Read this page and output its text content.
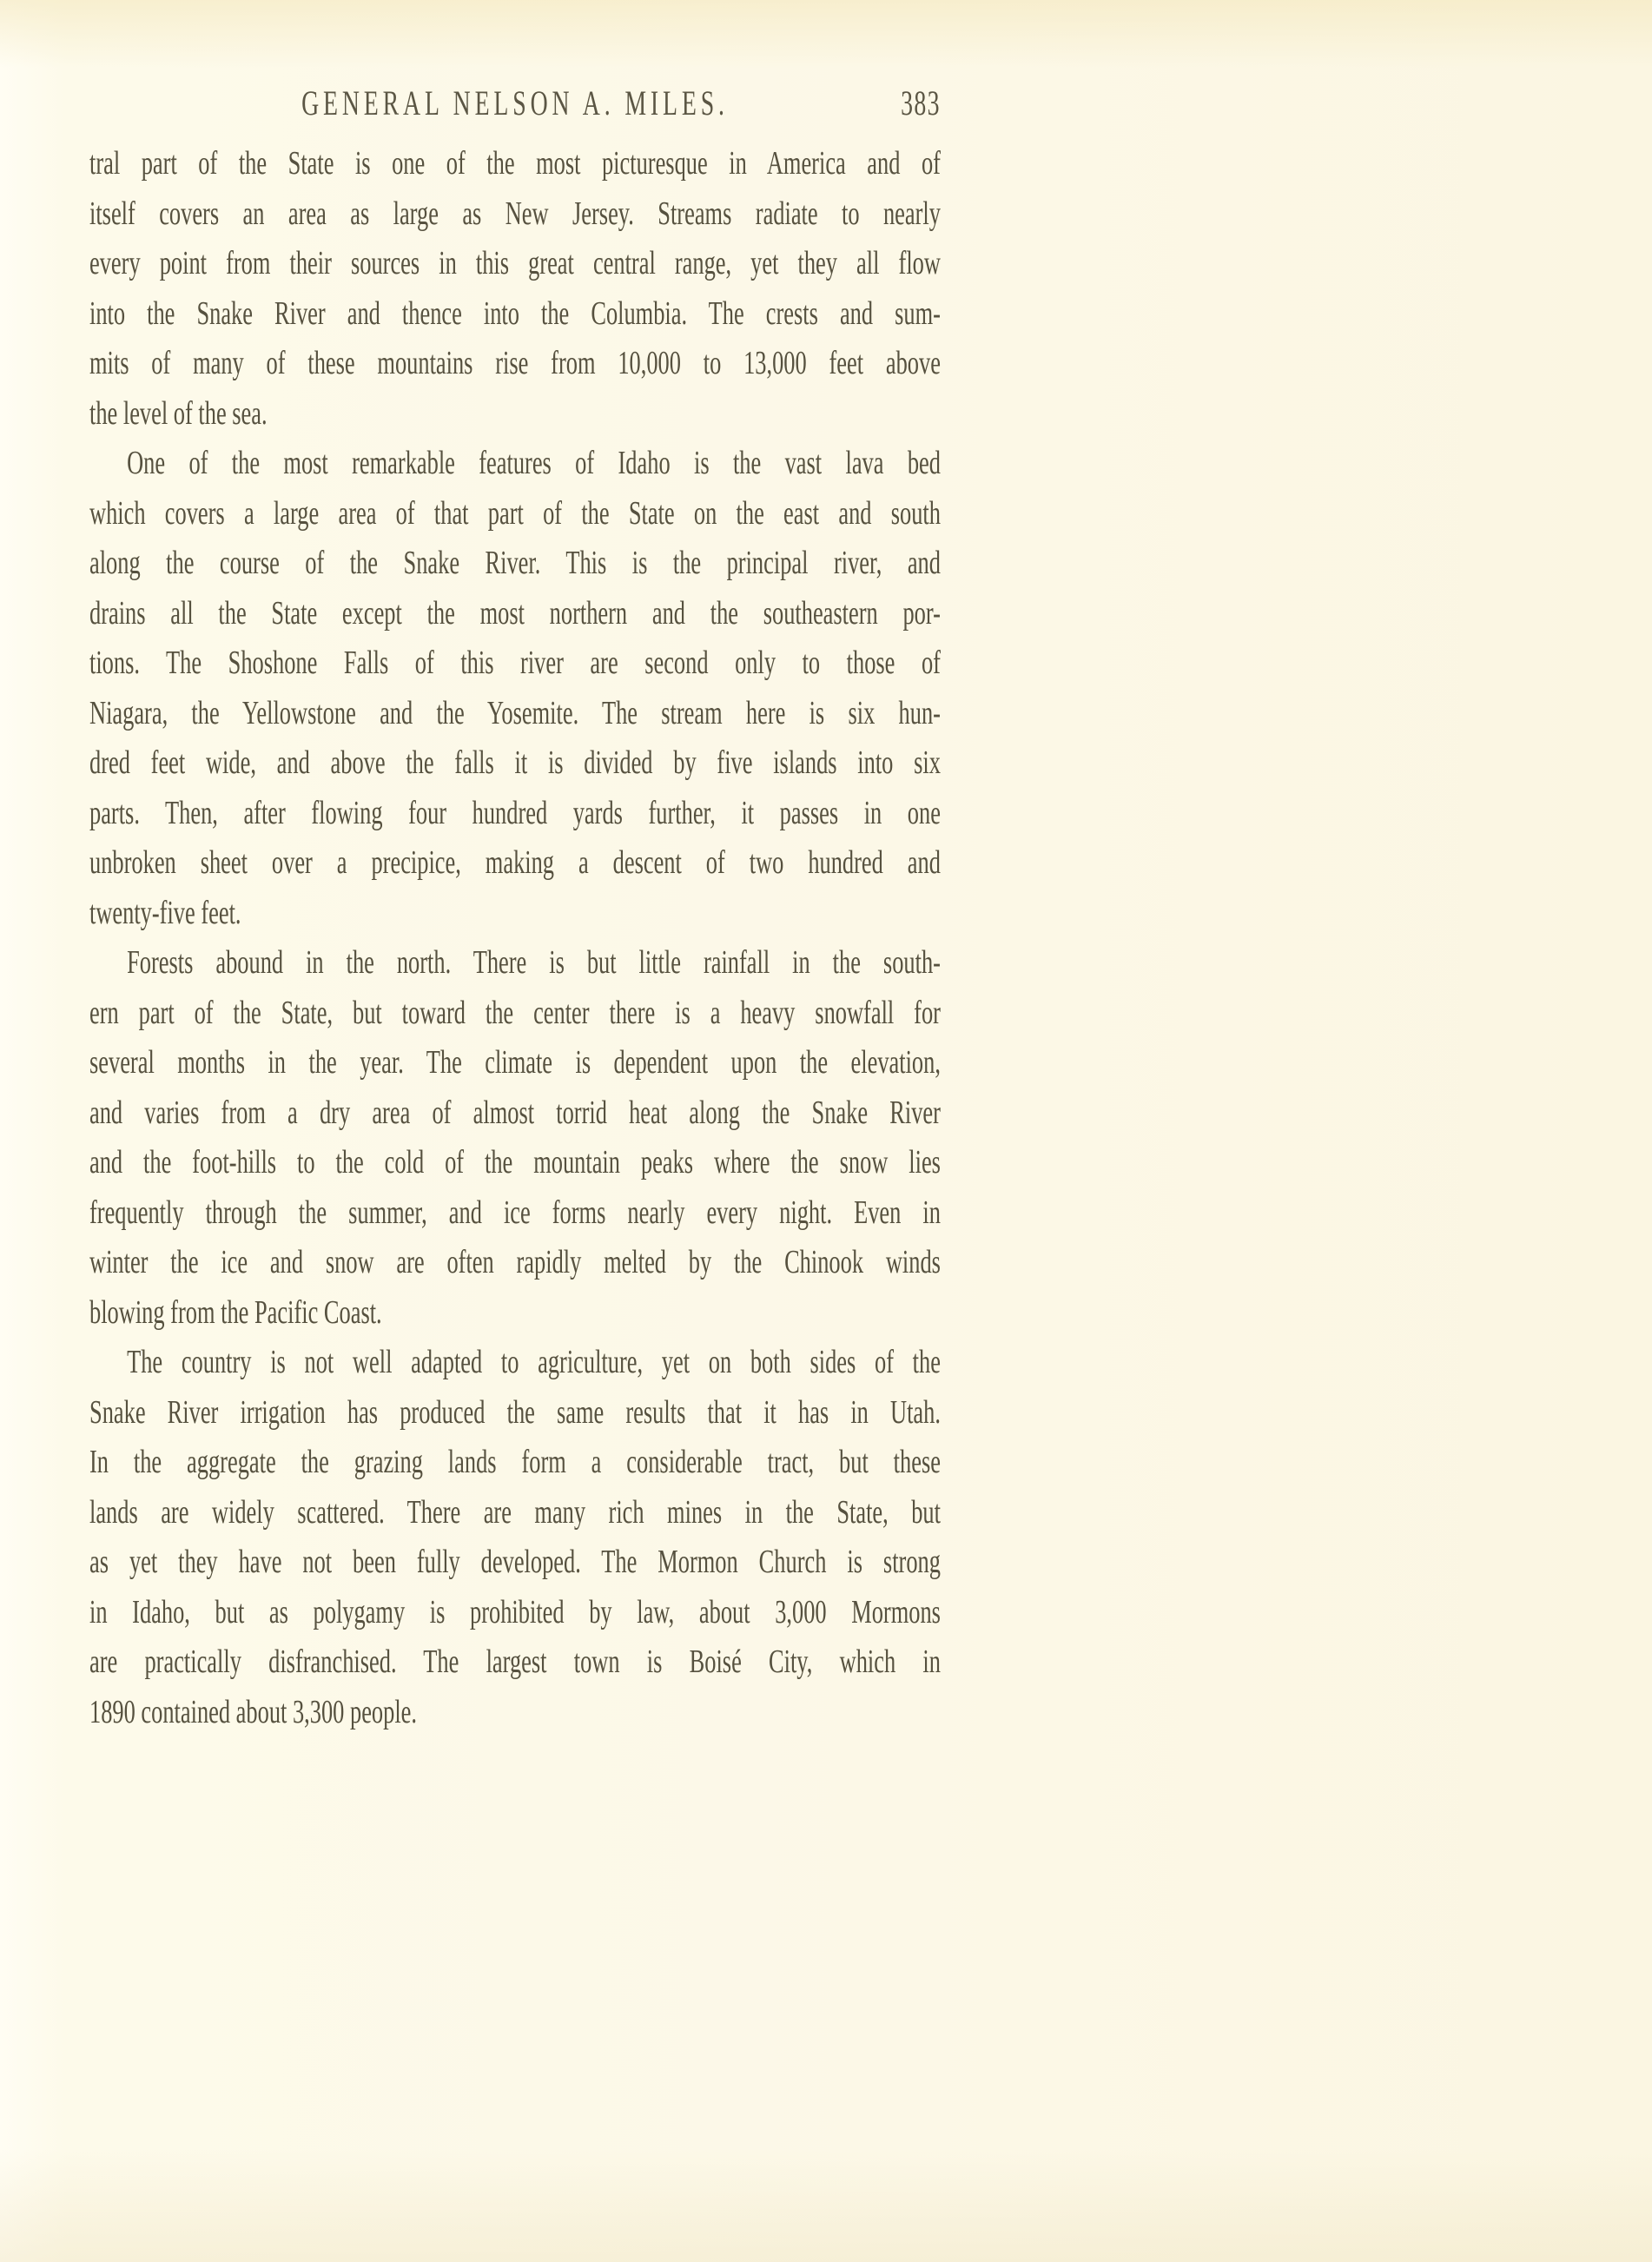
GENERAL NELSON A. MILES.	383
tral part of the State is one of the most picturesque in America and of
itself covers an area as large as New Jersey. Streams radiate to nearly
every point from their sources in this great central range, yet they all flow
into the Snake River and thence into the Columbia. The crests and sum-
mits of many of these mountains rise from 10,000 to 13,000 feet above
the level of the sea.
One of the most remarkable features of Idaho is the vast lava bed
which covers a large area of that part of the State on the east and south
along the course of the Snake River. This is the principal river, and
drains all the State except the most northern and the southeastern por-
tions. The Shoshone Falls of this river are second only to those of
Niagara, the Yellowstone and the Yosemite. The stream here is six hun-
dred feet wide, and above the falls it is divided by five islands into six
parts. Then, after flowing four hundred yards further, it passes in one
unbroken sheet over a precipice, making a descent of two hundred and
twenty-five feet.
Forests abound in the north. There is but little rainfall in the south-
ern part of the State, but toward the center there is a heavy snowfall for
several months in the year. The climate is dependent upon the elevation,
and varies from a dry area of almost torrid heat along the Snake River
and the foot-hills to the cold of the mountain peaks where the snow lies
frequently through the summer, and ice forms nearly every night. Even in
winter the ice and snow are often rapidly melted by the Chinook winds
blowing from the Pacific Coast.
The country is not well adapted to agriculture, yet on both sides of the
Snake River irrigation has produced the same results that it has in Utah.
In the aggregate the grazing lands form a considerable tract, but these
lands are widely scattered. There are many rich mines in the State, but
as yet they have not been fully developed. The Mormon Church is strong
in Idaho, but as polygamy is prohibited by law, about 3,000 Mormons
are practically disfranchised. The largest town is Boisé City, which in
1890 contained about 3,300 people.
